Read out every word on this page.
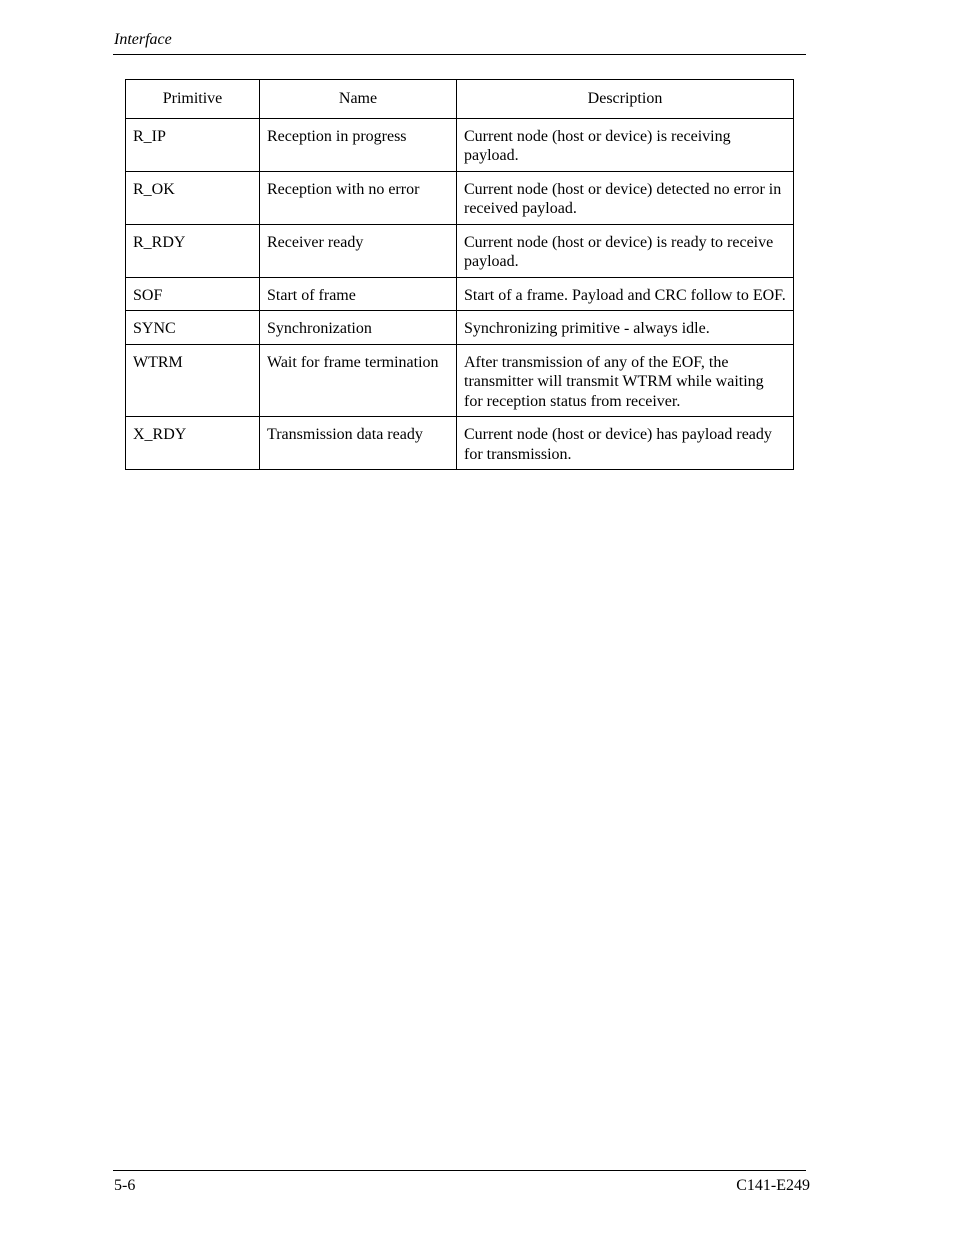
Interface
Primitive	Name	Description
R_IP	Reception in progress	Current node (host or device) is receiving payload.
R_OK	Reception with no error	Current node (host or device) detected no error in received payload.
R_RDY	Receiver ready	Current node (host or device) is ready to receive payload.
SOF	Start of frame	Start of a frame. Payload and CRC follow to EOF.
SYNC	Synchronization	Synchronizing primitive - always idle.
WTRM	Wait for frame termination	After transmission of any of the EOF, the transmitter will transmit WTRM while waiting for reception status from receiver.
X_RDY	Transmission data ready	Current node (host or device) has payload ready for transmission.
5-6	C141-E249
